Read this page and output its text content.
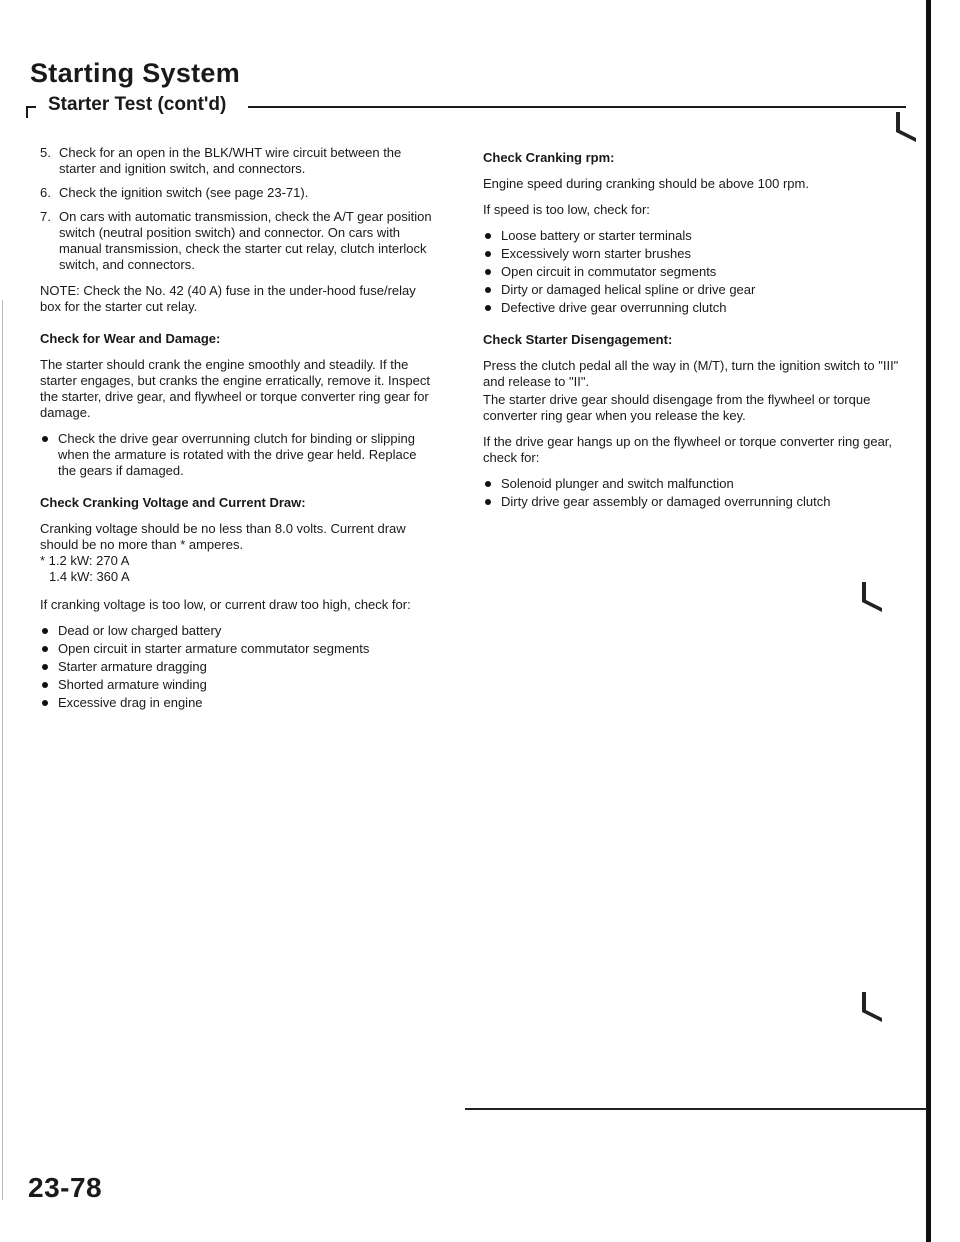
Starting System
Starter Test (cont'd)
5. Check for an open in the BLK/WHT wire circuit between the starter and ignition switch, and connectors.
6. Check the ignition switch (see page 23-71).
7. On cars with automatic transmission, check the A/T gear position switch (neutral position switch) and connector. On cars with manual transmission, check the starter cut relay, clutch interlock switch, and connectors.

NOTE: Check the No. 42 (40 A) fuse in the under-hood fuse/relay box for the starter cut relay.

Check for Wear and Damage:

The starter should crank the engine smoothly and steadily. If the starter engages, but cranks the engine erratically, remove it. Inspect the starter, drive gear, and flywheel or torque converter ring gear for damage.

Check the drive gear overrunning clutch for binding or slipping when the armature is rotated with the drive gear held. Replace the gears if damaged.
Check Cranking Voltage and Current Draw:
Cranking voltage should be no less than 8.0 volts. Current draw should be no more than * amperes.
* 1.2 kW: 270 A
1.4 kW: 360 A

If cranking voltage is too low, or current draw too high, check for:

Dead or low charged battery
Open circuit in starter armature commutator segments
Starter armature dragging
Shorted armature winding
Excessive drag in engine
Check Cranking rpm:

Engine speed during cranking should be above 100 rpm.

If speed is too low, check for:

Loose battery or starter terminals
Excessively worn starter brushes
Open circuit in commutator segments
Dirty or damaged helical spline or drive gear
Defective drive gear overrunning clutch
Check Starter Disengagement:

Press the clutch pedal all the way in (M/T), turn the ignition switch to "III" and release to "II".

The starter drive gear should disengage from the flywheel or torque converter ring gear when you release the key.

If the drive gear hangs up on the flywheel or torque converter ring gear, check for:

Solenoid plunger and switch malfunction
Dirty drive gear assembly or damaged overrunning clutch
23-78
